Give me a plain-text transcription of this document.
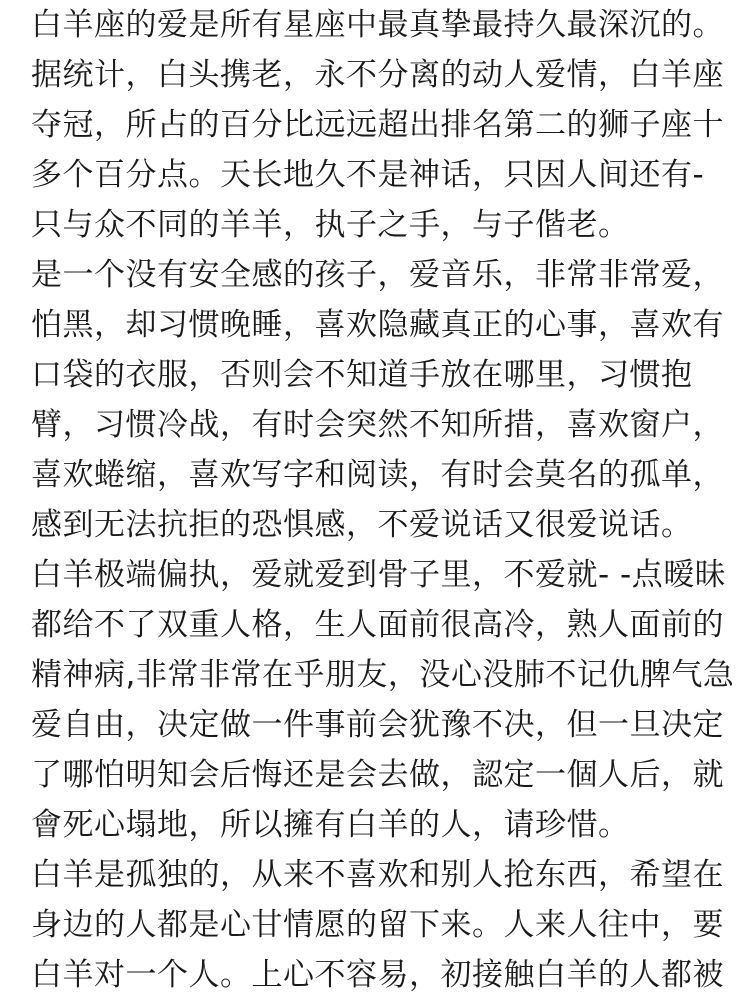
白羊座的爱是所有星座中最真挚最持久最深沉的。
据统计，白头携老，永不分离的动人爱情，白羊座
夺冠，所占的百分比远远超出排名第二的狮子座十
多个百分点。天长地久不是神话，只因人间还有-
只与众不同的羊羊，执子之手，与子偕老。
是一个没有安全感的孩子，爱音乐，非常非常爱，
怕黑，却习惯晚睡，喜欢隐藏真正的心事，喜欢有
口袋的衣服，否则会不知道手放在哪里，习惯抱
臂，习惯冷战，有时会突然不知所措，喜欢窗户，
喜欢蜷缩，喜欢写字和阅读，有时会莫名的孤单，
感到无法抗拒的恐惧感，不爱说话又很爱说话。
白羊极端偏执，爱就爱到骨子里，不爱就- -点暧昧
都给不了双重人格，生人面前很高冷，熟人面前的
精神病,非常非常在乎朋友，没心没肺不记仇脾气急
爱自由，决定做一件事前会犹豫不决，但一旦决定
了哪怕明知会后悔还是会去做，認定一個人后，就
會死心塌地，所以擁有白羊的人，请珍惜。
白羊是孤独的，从来不喜欢和别人抢东西，希望在
身边的人都是心甘情愿的留下来。人来人往中，要
白羊对一个人。上心不容易，初接触白羊的人都被
